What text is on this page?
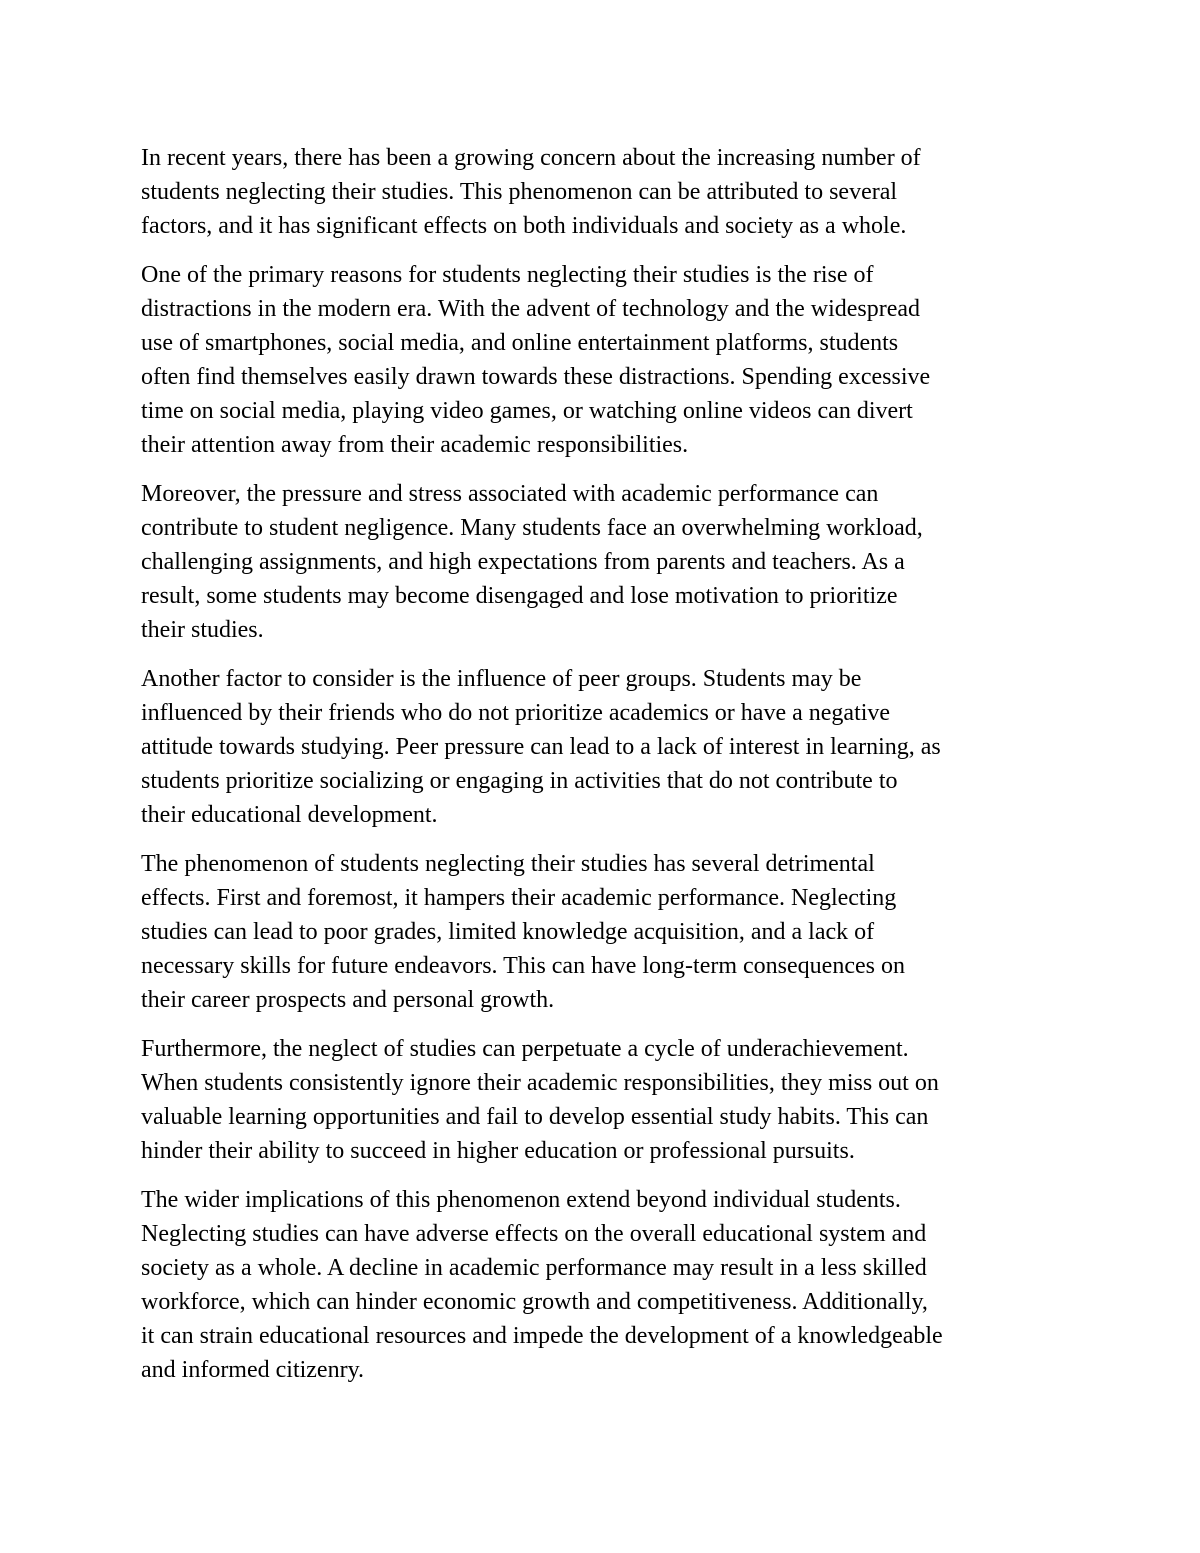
In recent years, there has been a growing concern about the increasing number of
students neglecting their studies. This phenomenon can be attributed to several
factors, and it has significant effects on both individuals and society as a whole.

One of the primary reasons for students neglecting their studies is the rise of
distractions in the modern era. With the advent of technology and the widespread
use of smartphones, social media, and online entertainment platforms, students
often find themselves easily drawn towards these distractions. Spending excessive
time on social media, playing video games, or watching online videos can divert
their attention away from their academic responsibilities.

Moreover, the pressure and stress associated with academic performance can
contribute to student negligence. Many students face an overwhelming workload,
challenging assignments, and high expectations from parents and teachers. As a
result, some students may become disengaged and lose motivation to prioritize
their studies.

Another factor to consider is the influence of peer groups. Students may be
influenced by their friends who do not prioritize academics or have a negative
attitude towards studying. Peer pressure can lead to a lack of interest in learning, as
students prioritize socializing or engaging in activities that do not contribute to
their educational development.

The phenomenon of students neglecting their studies has several detrimental
effects. First and foremost, it hampers their academic performance. Neglecting
studies can lead to poor grades, limited knowledge acquisition, and a lack of
necessary skills for future endeavors. This can have long-term consequences on
their career prospects and personal growth.

Furthermore, the neglect of studies can perpetuate a cycle of underachievement.
When students consistently ignore their academic responsibilities, they miss out on
valuable learning opportunities and fail to develop essential study habits. This can
hinder their ability to succeed in higher education or professional pursuits.

The wider implications of this phenomenon extend beyond individual students.
Neglecting studies can have adverse effects on the overall educational system and
society as a whole. A decline in academic performance may result in a less skilled
workforce, which can hinder economic growth and competitiveness. Additionally,
it can strain educational resources and impede the development of a knowledgeable
and informed citizenry.
